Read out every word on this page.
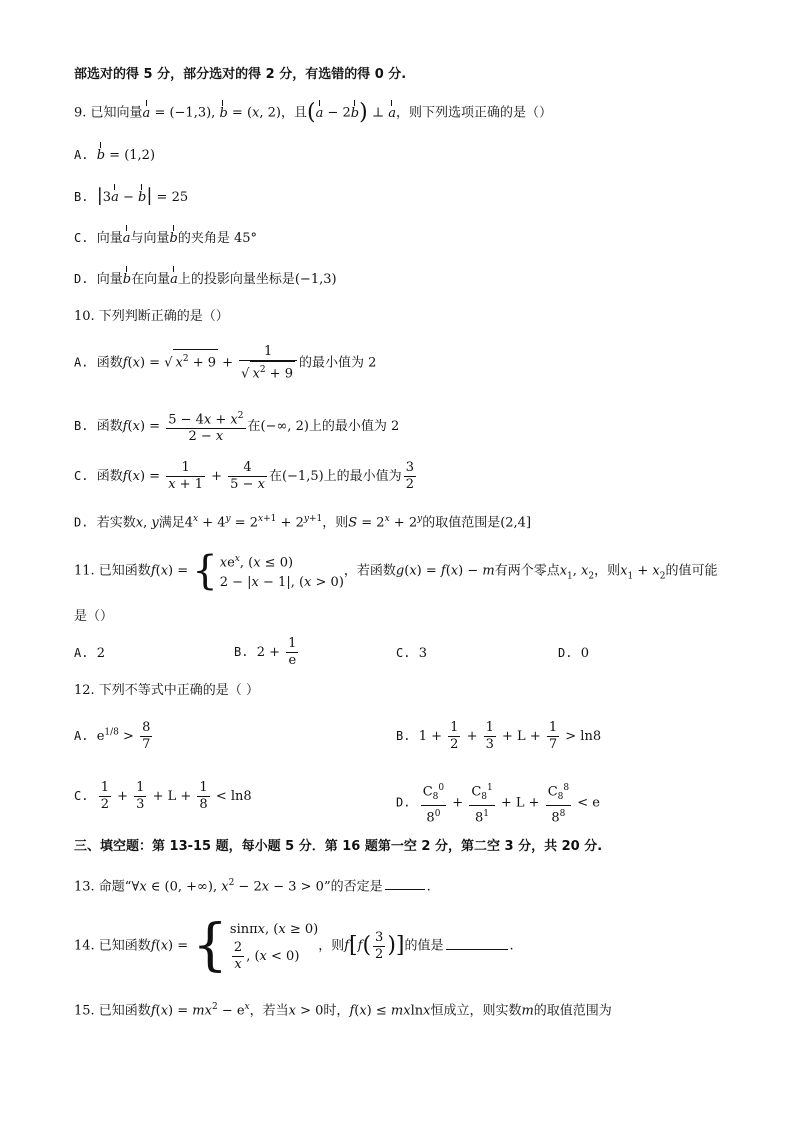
部选对的得 5 分，部分选对的得 2 分，有选错的得 0 分.
9. 已知向量a = (−1,3), b = (x, 2)，且(a − 2b) ⊥ a，则下列选项正确的是（）
A. b = (1,2)
B. |3a − b| = 25
C. 向量a与向量b的夹角是 45°
D. 向量b在向量a上的投影向量坐标是(−1,3)
10. 下列判断正确的是（）
A. 函数f(x) = √ $x^2 + 9 + \frac{1}{√ x^2 + 9}$ 的最小值为 2
B. 函数$f(x) = \frac{5 - 4x + x^2}{2 - x}$ 在(−∞, 2)上的最小值为 2
C. 函数$f(x) = \frac{1}{x + 1} + \frac{4}{5 - x}$ 在(−1,5)上的最小值为 $\frac{3}{2}$
D. 若实数x, y满足$4^x + 4^y = 2^{x+1} + 2^{y+1}$，则$S = 2^x + 2^y$的取值范围是(2,4]
11. 已知函数f(x) = { $xe^x$, (x ≤ 0)
2 − |x − 1|, (x > 0)
，若函数g(x) = f(x) − m有两个零点$x_1$, $x_2$，则$x_1 + x_2$的值可能
是（）
A. 2	B.  $2 + \frac{1}{e}$	C. 3	D. 0
12. 下列不等式中正确的是（ ）
A.  $e^{1/8} > \frac{8}{7}$	B.  $1 + \frac{1}{2} + \frac{1}{3} + L + \frac{1}{7} > \ln 8$
C. $\frac{1}{2} + \frac{1}{3} + L + \frac{1}{8} < \ln 8$	D. $\frac{C_8^0}{8^0} + \frac{C_8^1}{8^1} + L + \frac{C_8^8}{8^8} < e$
三、填空题：第 13-15 题，每小题 5 分．第 16 题第一空 2 分，第二空 3 分，共 20 分.
13. 命题“∀x ∈ (0, +∞), $x^2 - 2x - 3 > 0$”的否定是	.
14. 已知函数f(x) = { sinπx, (x ≥ 0)

$\frac{2}{x}$ , (x < 0)
，则$f[f( \frac{3}{2}$ )]的值是	.
15. 已知函数$f(x) = mx^2 - e^x$，若当x > 0时，f(x) ≤ mxlnx恒成立，则实数m的取值范围为
